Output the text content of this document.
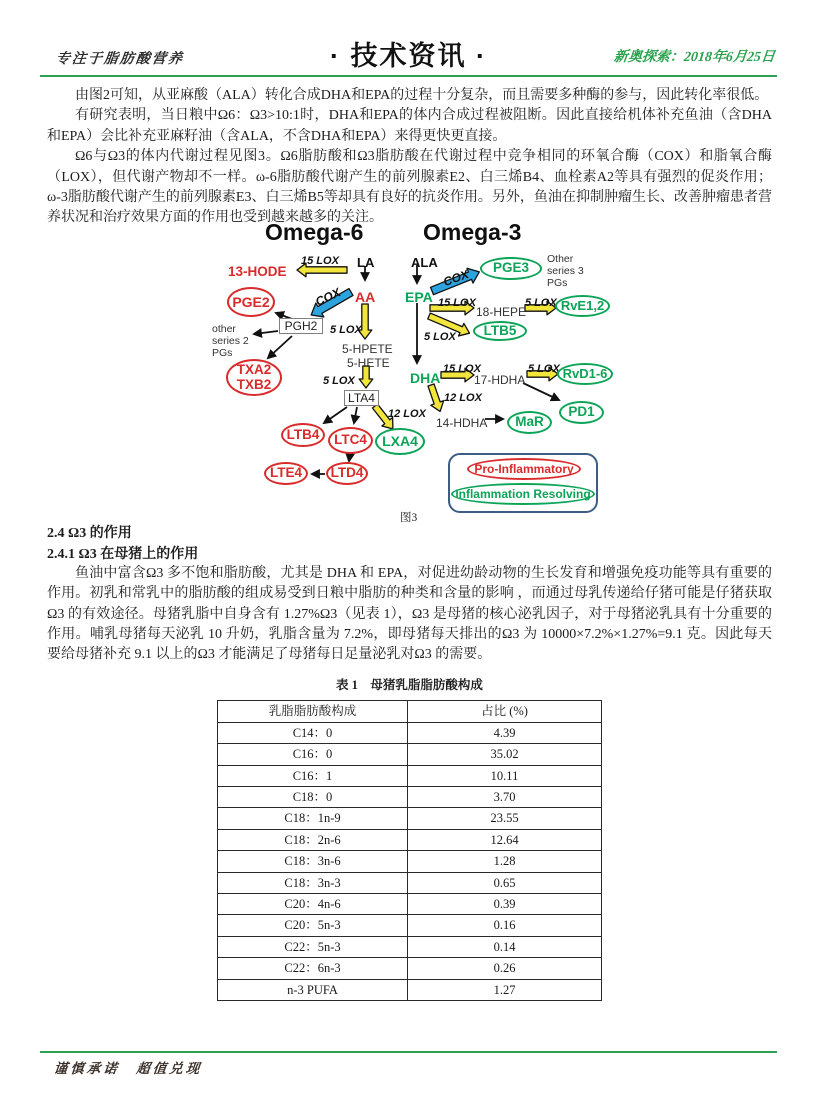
专注于脂肪酸营养	· 技术资讯 ·	新奥探索：2018年6月25日

由图2可知，从亚麻酸（ALA）转化合成DHA和EPA的过程十分复杂，而且需要多种酶的参与，因此转化率很低。

有研究表明，当日粮中Ω6：Ω3>10:1时，DHA和EPA的体内合成过程被阻断。因此直接给机体补充鱼油（含DHA和EPA）会比补充亚麻籽油（含ALA，不含DHA和EPA）来得更快更直接。

Ω6与Ω3的体内代谢过程见图3。Ω6脂肪酸和Ω3脂肪酸在代谢过程中竞争相同的环氧合酶（COX）和脂氧合酶（LOX），但代谢产物却不一样。ω-6脂肪酸代谢产生的前列腺素E2、白三烯B4、血栓素A2等具有强烈的促炎作用；ω-3脂肪酸代谢产生的前列腺素E3、白三烯B5等却具有良好的抗炎作用。另外，鱼油在抑制肿瘤生长、改善肿瘤患者营养状况和治疗效果方面的作用也受到越来越多的关注。

Omega-6	Omega-3
13-HODE
15 LOX LA
COX AA
PGE2
PGH2
other
series 2
PGs
TXA2
TXB2
5 LOX
5-HPETE
5-HETE
5 LOX
LTA4
12 LOX
LTB4	LTC4	LXA4
LTE4	LTD4
ALA
EPA
COX	PGE3
Other
series 3
PGs
15 LOX
18-HEPE
5 LOX RvE1,2
5 LOX	LTB5
DHA
15 LOX
17-HDHA
5 LOX RvD1-6
12 LOX
14-HDHA	MaR
PD1
Pro-Inflammatory
Inflammation Resolving
图3
2.4 Ω3 的作用
2.4.1 Ω3 在母猪上的作用

鱼油中富含Ω3 多不饱和脂肪酸，尤其是 DHA 和 EPA，对促进幼龄动物的生长发育和增强免疫功能等具有重要的作用。初乳和常乳中的脂肪酸的组成易受到日粮中脂肪的种类和含量的影响 ，而通过母乳传递给仔猪可能是仔猪获取Ω3 的有效途径。母猪乳脂中自身含有 1.27%Ω3（见表 1），Ω3 是母猪的核心泌乳因子，对于母猪泌乳具有十分重要的作用。哺乳母猪每天泌乳 10 升奶，乳脂含量为 7.2%，即母猪每天排出的Ω3 为 10000×7.2%×1.27%=9.1 克。因此每天要给母猪补充 9.1 以上的Ω3 才能满足了母猪每日足量泌乳对Ω3 的需要。

表 1　母猪乳脂脂肪酸构成
乳脂脂肪酸构成	占比 (%)
C14：0	4.39
C16：0	35.02
C16：1	10.11
C18：0	3.70
C18：1n-9	23.55
C18：2n-6	12.64
C18：3n-6	1.28
C18：3n-3	0.65
C20：4n-6	0.39
C20：5n-3	0.16
C22：5n-3	0.14
C22：6n-3	0.26
n-3 PUFA	1.27
谨慎承诺　超值兑现
